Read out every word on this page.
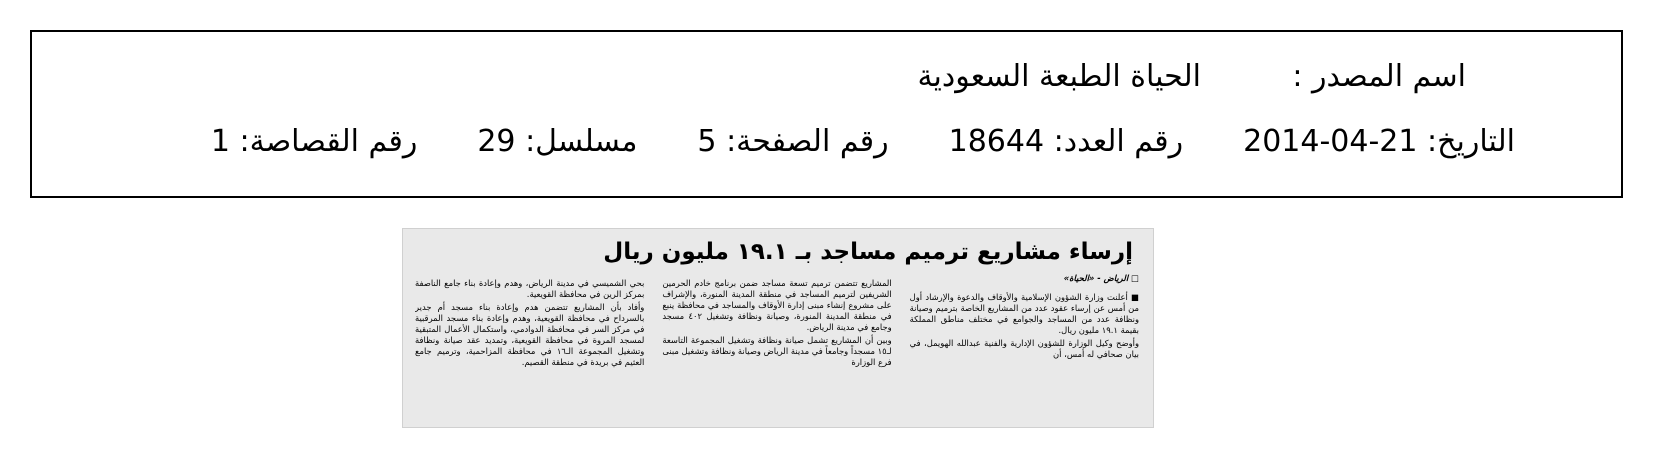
اسم المصدر :
الحياة الطبعة السعودية
التاريخ: 2014-04-21
رقم العدد: 18644
رقم الصفحة: 5
مسلسل: 29
رقم القصاصة: 1
إرساء مشاريع ترميم مساجد بـ ١٩.١ مليون ريال

□ الرياض - «الحياة»

■ أعلنت وزارة الشؤون الإسلامية والأوقاف والدعوة والإرشاد أول من أمس عن إرساء عقود عدد من المشاريع الخاصة بترميم وصيانة ونظافة عدد من المساجد والجوامع في مختلف مناطق المملكة بقيمة ١٩.١ مليون ريال.

وأوضح وكيل الوزارة للشؤون الإدارية والفنية عبدالله الهويمل، في بيان صحافي له أمس، أن

المشاريع تتضمن ترميم تسعة مساجد ضمن برنامج خادم الحرمين الشريفين لترميم المساجد في منطقة المدينة المنورة، والإشراف على مشروع إنشاء مبنى إدارة الأوقاف والمساجد في محافظة ينبع في منطقة المدينة المنورة، وصيانة ونظافة وتشغيل ٤٠٢ مسجد وجامع في مدينة الرياض.

وبين أن المشاريع تشمل صيانة ونظافة وتشغيل المجموعة التاسعة لـ١٥ مسجداً وجامعاً في مدينة الرياض وصيانة ونظافة وتشغيل مبنى فرع الوزارة

بحي الشميسي في مدينة الرياض، وهدم وإعادة بناء جامع الناصفة بمركز الرين في محافظة القويعية.

وأفاد بأن المشاريع تتضمن هدم وإعادة بناء مسجد أم جدير بالسرداح في محافظة القويعية، وهدم وإعادة بناء مسجد المرقبية في مركز السر في محافظة الدوادمي، واستكمال الأعمال المتبقية لمسجد المروة في محافظة القويعية، وتمديد عقد صيانة ونظافة وتشغيل المجموعة الـ١٦ في محافظة المزاحمية، وترميم جامع العثيم في بريدة في منطقة القصيم.
